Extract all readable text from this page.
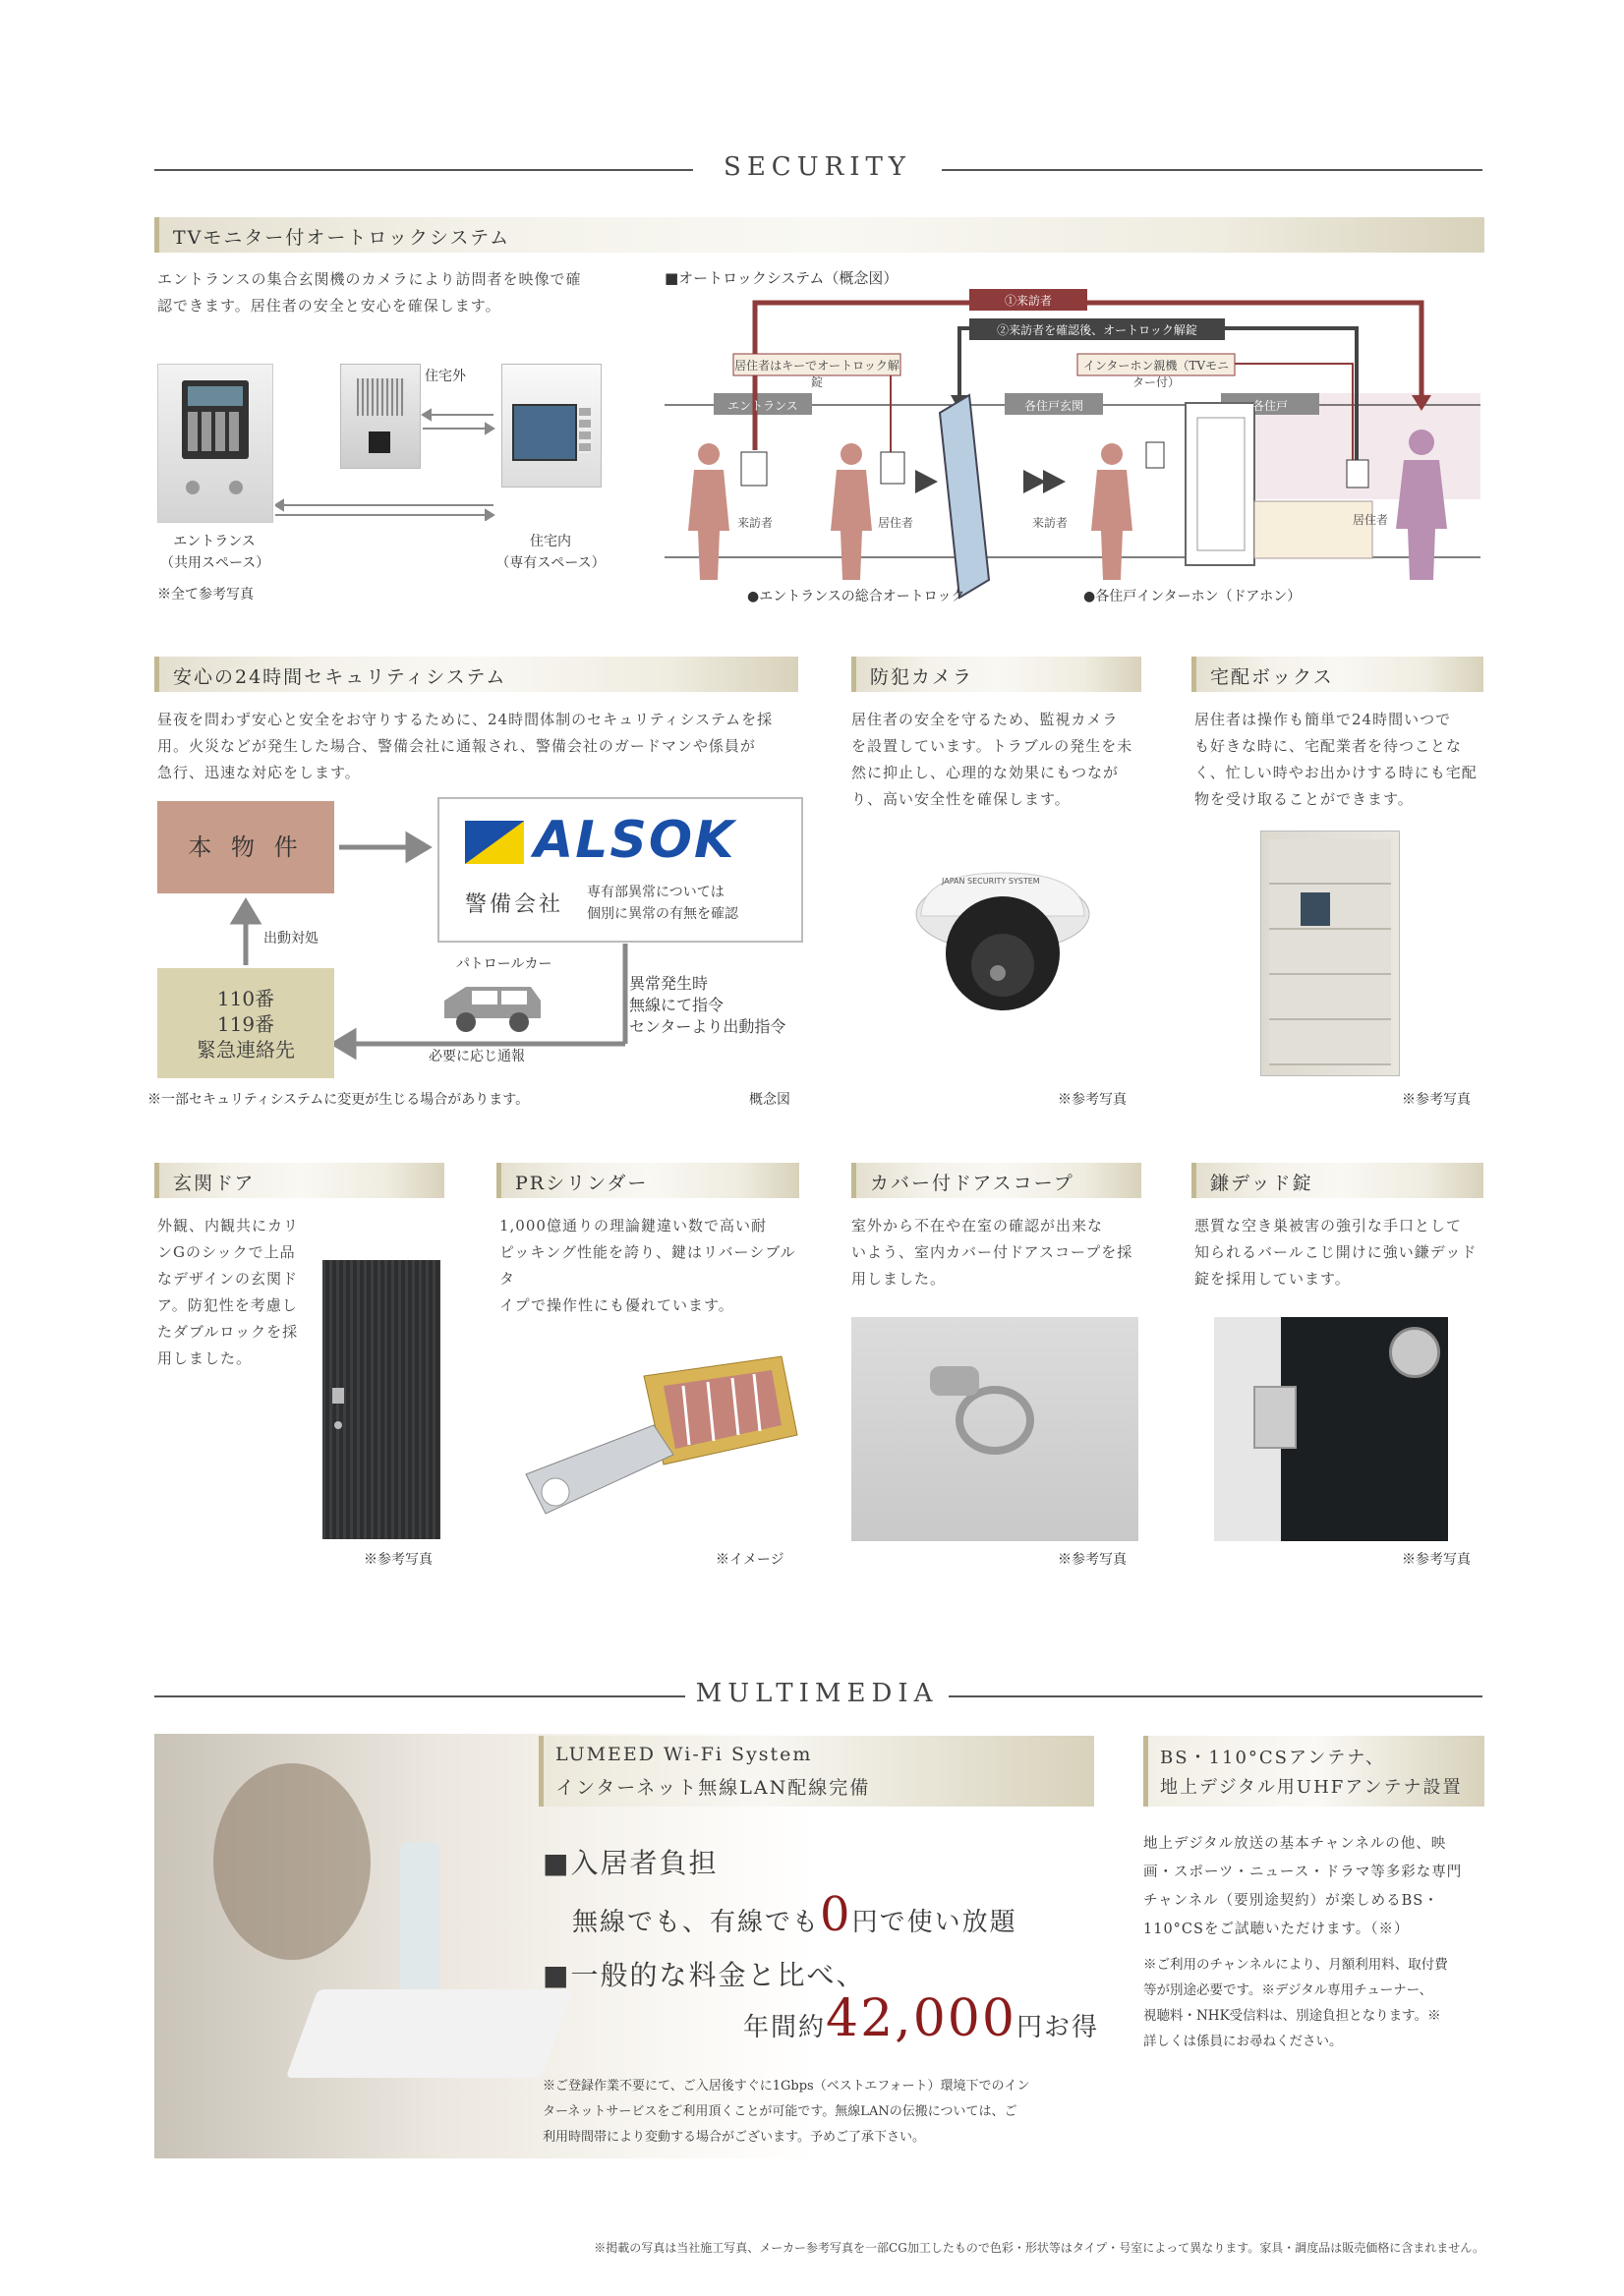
SECURITY
TVモニター付オートロックシステム
エントランスの集合玄関機のカメラにより訪問者を映像で確
認できます。居住者の安全と安心を確保します。
住宅外
エントランス
（共用スペース）
住宅内
（専有スペース）
※全て参考写真
■オートロックシステム（概念図）
①来訪者
②来訪者を確認後、オートロック解錠
居住者はキーでオートロック解錠
インターホン親機（TVモニター付）
エントランス	各住戸玄関	各住戸
来訪者	居住者	来訪者	居住者
●エントランスの総合オートロック	●各住戸インターホン（ドアホン）
安心の24時間セキュリティシステム
昼夜を問わず安心と安全をお守りするために、24時間体制のセキュリティシステムを採
用。火災などが発生した場合、警備会社に通報され、警備会社のガードマンや係員が
急行、迅速な対応をします。
本 物 件	ALSOK
警備会社 専有部異常については
個別に異常の有無を確認
出動対処
110番
119番
緊急連絡先
パトロールカー
必要に応じ通報
異常発生時
無線にて指令
センターより出動指令
※一部セキュリティシステムに変更が生じる場合があります。	概念図
防犯カメラ
居住者の安全を守るため、監視カメラ
を設置しています。トラブルの発生を未
然に抑止し、心理的な効果にもつなが
り、高い安全性を確保します。
JAPAN SECURITY SYSTEM
※参考写真
宅配ボックス
居住者は操作も簡単で24時間いつで
も好きな時に、宅配業者を待つことな
く、忙しい時やお出かけする時にも宅配
物を受け取ることができます。
※参考写真
玄関ドア
外観、内観共にカリ
ンGのシックで上品
なデザインの玄関ド
ア。防犯性を考慮し
たダブルロックを採
用しました。
※参考写真
PRシリンダー
1,000億通りの理論鍵違い数で高い耐
ピッキング性能を誇り、鍵はリバーシブルタ
イプで操作性にも優れています。
※イメージ
カバー付ドアスコープ
室外から不在や在室の確認が出来な
いよう、室内カバー付ドアスコープを採
用しました。
※参考写真
鎌デッド錠
悪質な空き巣被害の強引な手口として
知られるバールこじ開けに強い鎌デッド
錠を採用しています。
※参考写真
MULTIMEDIA
LUMEED Wi-Fi System
インターネット無線LAN配線完備
■入居者負担
無線でも、有線でも0円で使い放題
■一般的な料金と比べ、
年間約42,000円お得
※ご登録作業不要にて、ご入居後すぐに1Gbps（ベストエフォート）環境下でのイン
ターネットサービスをご利用頂くことが可能です。無線LANの伝搬については、ご
利用時間帯により変動する場合がございます。予めご了承下さい。
BS・110°CSアンテナ、
地上デジタル用UHFアンテナ設置
地上デジタル放送の基本チャンネルの他、映
画・スポーツ・ニュース・ドラマ等多彩な専門
チャンネル（要別途契約）が楽しめるBS・
110°CSをご試聴いただけます。（※）
※ご利用のチャンネルにより、月額利用料、取付費
等が別途必要です。※デジタル専用チューナー、
視聴料・NHK受信料は、別途負担となります。※
詳しくは係員にお尋ねください。
※掲載の写真は当社施工写真、メーカー参考写真を一部CG加工したもので色彩・形状等はタイプ・号室によって異なります。家具・調度品は販売価格に含まれません。
